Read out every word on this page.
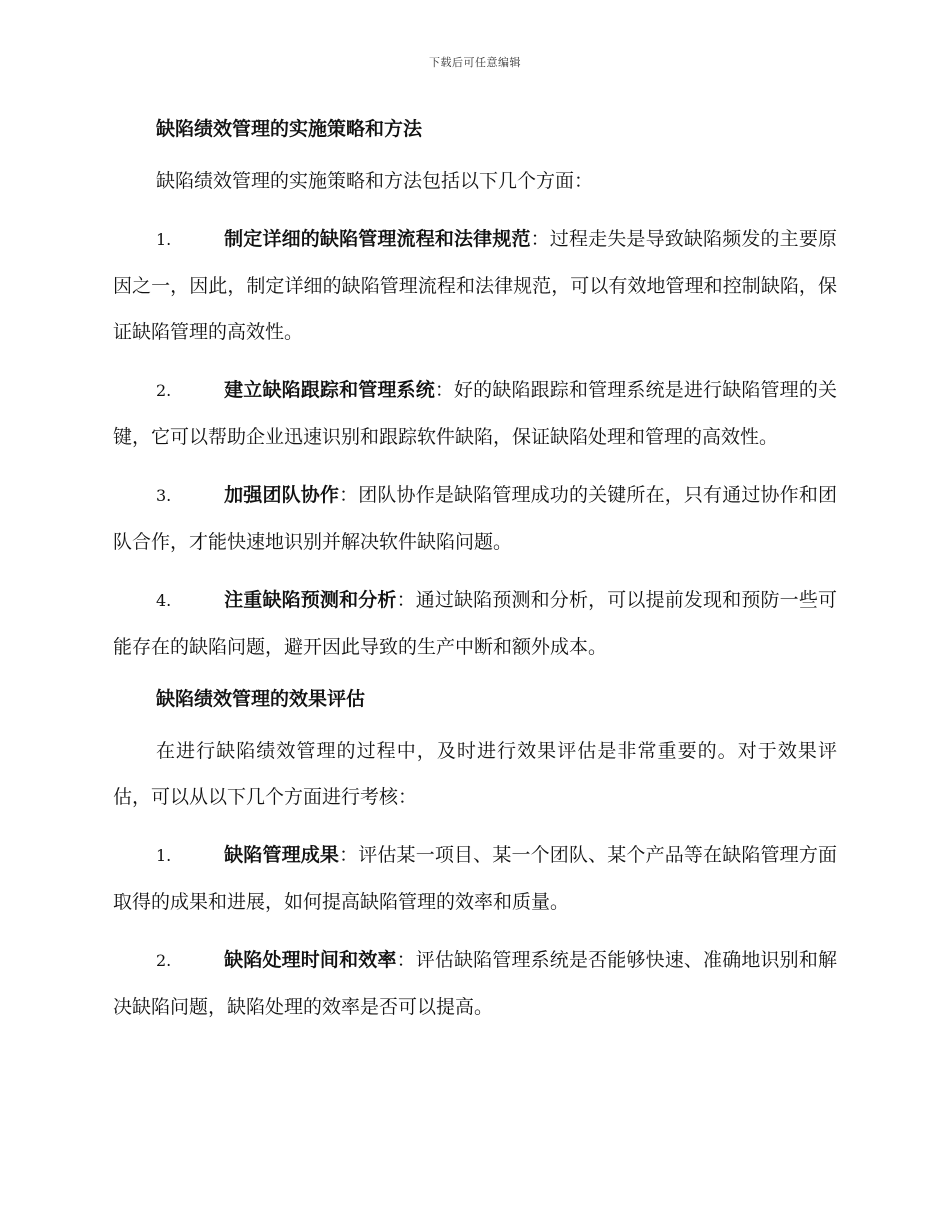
下载后可任意编辑

缺陷绩效管理的实施策略和方法

缺陷绩效管理的实施策略和方法包括以下几个方面：

1.	制定详细的缺陷管理流程和法律规范：过程走失是导致缺陷频发的主要原因之一，因此，制定详细的缺陷管理流程和法律规范，可以有效地管理和控制缺陷，保证缺陷管理的高效性。

2.	建立缺陷跟踪和管理系统：好的缺陷跟踪和管理系统是进行缺陷管理的关键，它可以帮助企业迅速识别和跟踪软件缺陷，保证缺陷处理和管理的高效性。

3.	加强团队协作：团队协作是缺陷管理成功的关键所在，只有通过协作和团队合作，才能快速地识别并解决软件缺陷问题。

4.	注重缺陷预测和分析：通过缺陷预测和分析，可以提前发现和预防一些可能存在的缺陷问题，避开因此导致的生产中断和额外成本。

缺陷绩效管理的效果评估

在进行缺陷绩效管理的过程中，及时进行效果评估是非常重要的。对于效果评估，可以从以下几个方面进行考核：

1.	缺陷管理成果：评估某一项目、某一个团队、某个产品等在缺陷管理方面取得的成果和进展，如何提高缺陷管理的效率和质量。

2.	缺陷处理时间和效率：评估缺陷管理系统是否能够快速、准确地识别和解决缺陷问题，缺陷处理的效率是否可以提高。
